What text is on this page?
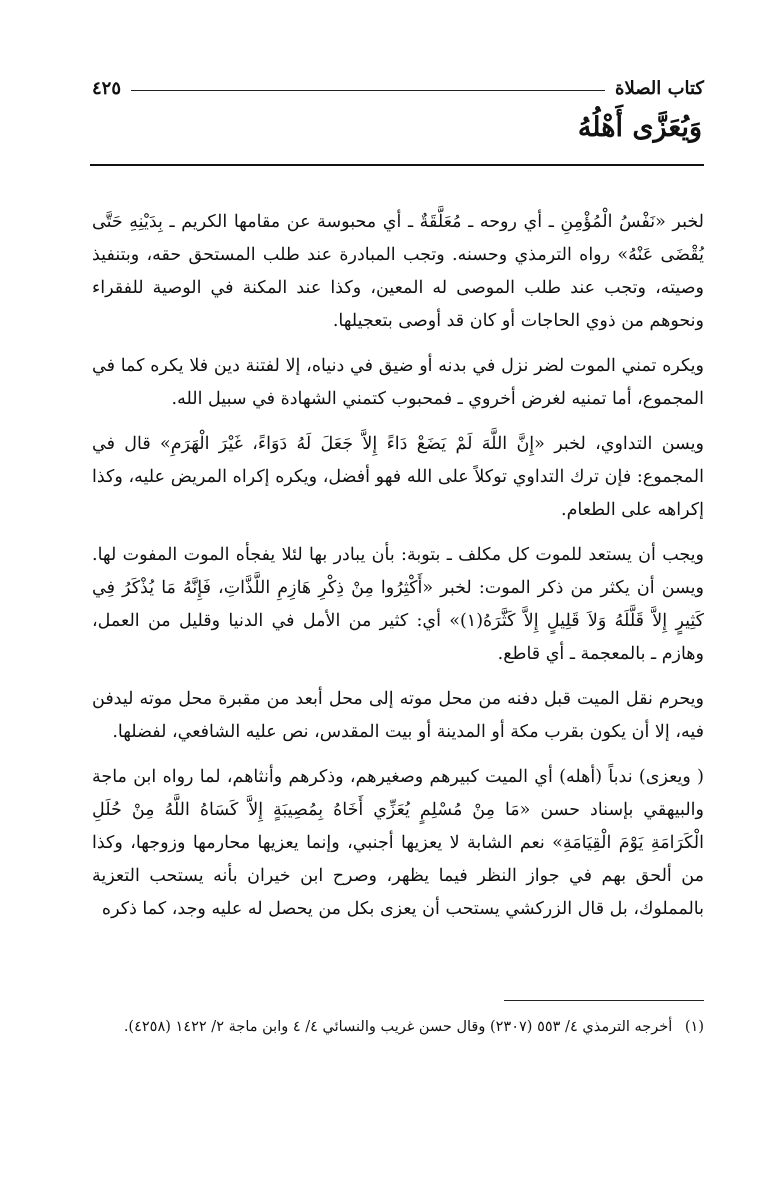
كتاب الصلاة
٤٢٥
وَيُعَزَّى أَهْلُهُ

لخبر «نَفْسُ الْمُؤْمِنِ ـ أي روحه ـ مُعَلَّقَةٌ ـ أي محبوسة عن مقامها الكريم ـ بِدَيْنِهِ حَتَّى يُقْضَى عَنْهُ» رواه الترمذي وحسنه. وتجب المبادرة عند طلب المستحق حقه، وبتنفيذ وصيته، وتجب عند طلب الموصى له المعين، وكذا عند المكنة في الوصية للفقراء ونحوهم من ذوي الحاجات أو كان قد أوصى بتعجيلها.

ويكره تمني الموت لضر نزل في بدنه أو ضيق في دنياه، إلا لفتنة دين فلا يكره كما في المجموع، أما تمنيه لغرض أخروي ـ فمحبوب كتمني الشهادة في سبيل الله.

ويسن التداوي، لخبر «إِنَّ اللَّهَ لَمْ يَضَعْ دَاءً إِلاَّ جَعَلَ لَهُ دَوَاءً، غَيْرَ الْهَرَمِ» قال في المجموع: فإن ترك التداوي توكلاً على الله فهو أفضل، ويكره إكراه المريض عليه، وكذا إكراهه على الطعام.

ويجب أن يستعد للموت كل مكلف ـ بتوبة: بأن يبادر بها لئلا يفجأه الموت المفوت لها. ويسن أن يكثر من ذكر الموت: لخبر «أَكْثِرُوا مِنْ ذِكْرِ هَازِمِ اللَّذَّاتِ، فَإِنَّهُ مَا يُذْكَرُ فِي كَثِيرٍ إِلاَّ قَلَّلَهُ وَلاَ قَلِيلٍ إِلاَّ كَثَّرَهُ(١)» أي: كثير من الأمل في الدنيا وقليل من العمل، وهازم ـ بالمعجمة ـ أي قاطع.

ويحرم نقل الميت قبل دفنه من محل موته إلى محل أبعد من مقبرة محل موته ليدفن فيه، إلا أن يكون بقرب مكة أو المدينة أو بيت المقدس، نص عليه الشافعي، لفضلها.

( ويعزى) ندباً (أهله) أي الميت كبيرهم وصغيرهم، وذكرهم وأنثاهم، لما رواه ابن ماجة والبيهقي بإسناد حسن «مَا مِنْ مُسْلِمٍ يُعَزِّي أَخَاهُ بِمُصِيبَةٍ إِلاَّ كَسَاهُ اللَّهُ مِنْ حُلَلِ الْكَرَامَةِ يَوْمَ الْقِيَامَةِ» نعم الشابة لا يعزيها أجنبي، وإنما يعزيها محارمها وزوجها، وكذا من ألحق بهم في جواز النظر فيما يظهر، وصرح ابن خيران بأنه يستحب التعزية بالمملوك، بل قال الزركشي يستحب أن يعزى بكل من يحصل له عليه وجد، كما ذكره

(١) أخرجه الترمذي ٤/ ٥٥٣ (٢٣٠٧) وقال حسن غريب والنسائي ٤/ ٤ وابن ماجة ٢/ ١٤٢٢ (٤٢٥٨).
